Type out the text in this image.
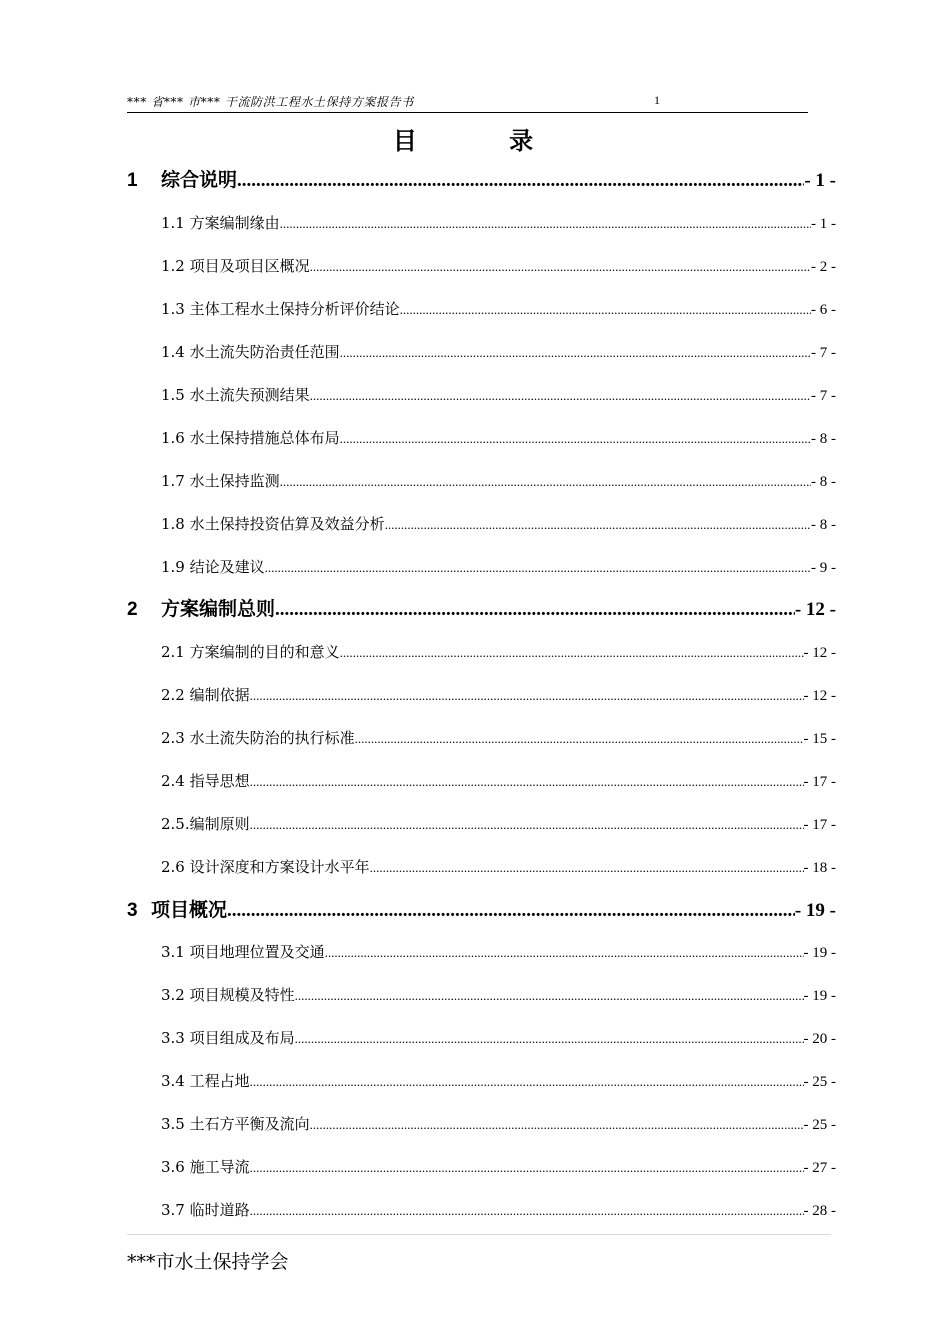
*** 省*** 市*** 干流防洪工程水土保持方案报告书	1
目 录
1 综合说明 .....	- 1 -
1.1 方案编制缘由 .....	- 1 -
1.2 项目及项目区概况 .....	- 2 -
1.3 主体工程水土保持分析评价结论 .....	- 6 -
1.4 水土流失防治责任范围 .....	- 7 -
1.5 水土流失预测结果 .....	- 7 -
1.6 水土保持措施总体布局 .....	- 8 -
1.7 水土保持监测 .....	- 8 -
1.8 水土保持投资估算及效益分析 .....	- 8 -
1.9 结论及建议 .....	- 9 -
2 方案编制总则 .....	- 12 -
2.1 方案编制的目的和意义 .....	- 12 -
2.2 编制依据 .....	- 12 -
2.3 水土流失防治的执行标准 .....	- 15 -
2.4 指导思想 .....	- 17 -
2.5.编制原则 .....	- 17 -
2.6 设计深度和方案设计水平年 .....	- 18 -
3 项目概况 .....	- 19 -
3.1 项目地理位置及交通 .....	- 19 -
3.2 项目规模及特性 .....	- 19 -
3.3 项目组成及布局 .....	- 20 -
3.4 工程占地 .....	- 25 -
3.5 土石方平衡及流向 .....	- 25 -
3.6 施工导流 .....	- 27 -
3.7 临时道路 .....	- 28 -
***市水土保持学会
